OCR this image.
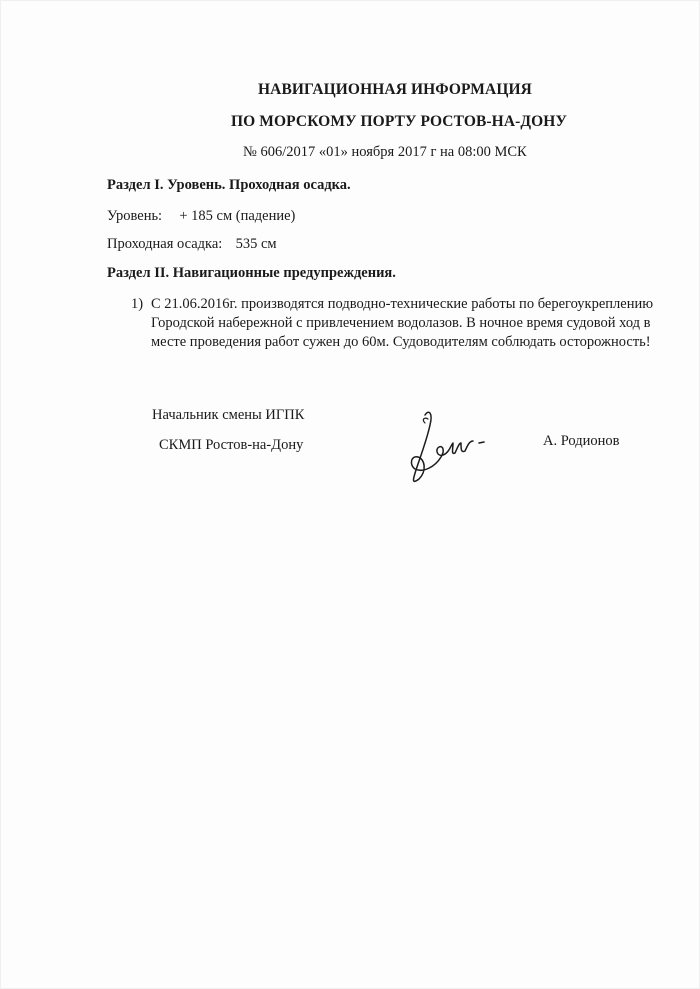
НАВИГАЦИОННАЯ ИНФОРМАЦИЯ
ПО МОРСКОМУ ПОРТУ РОСТОВ-НА-ДОНУ
№ 606/2017 «01» ноября 2017 г на 08:00 МСК
Раздел I. Уровень. Проходная осадка.
Уровень: + 185 см (падение)
Проходная осадка: 535 см
Раздел II. Навигационные предупреждения.
1) С 21.06.2016г. производятся подводно-технические работы по берегоукреплению
Городской набережной с привлечением водолазов. В ночное время судовой ход в
месте проведения работ сужен до 60м. Судоводителям соблюдать осторожность!
Начальник смены ИГПК
СКМП Ростов-на-Дону	А. Родионов
